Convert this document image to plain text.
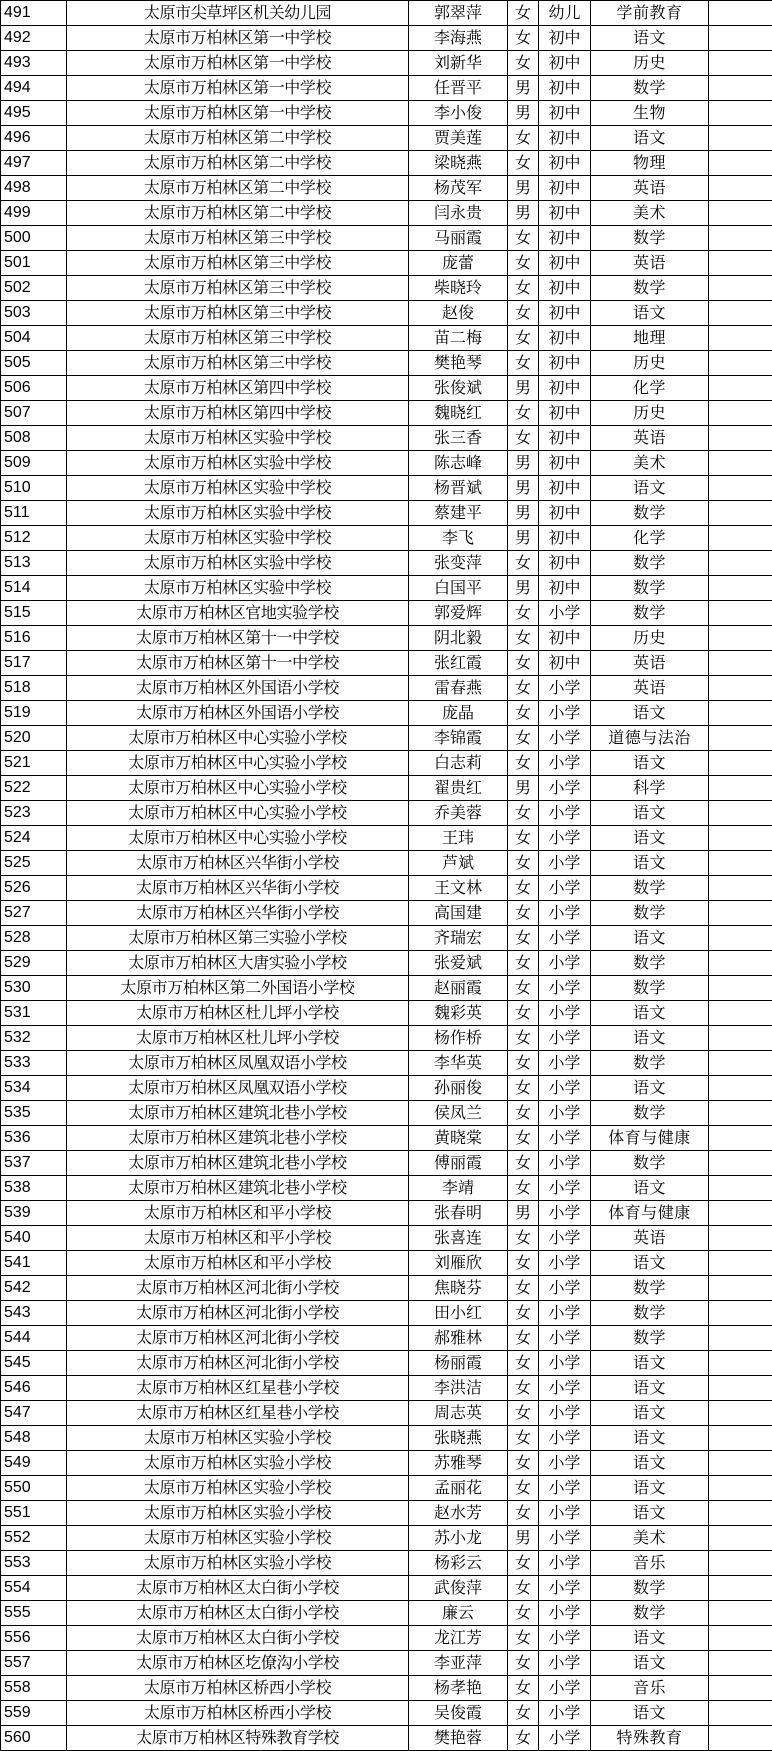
491	太原市尖草坪区机关幼儿园	郭翠萍	女	幼儿	学前教育	
492	太原市万柏林区第一中学校	李海燕	女	初中	语文	
493	太原市万柏林区第一中学校	刘新华	女	初中	历史	
494	太原市万柏林区第一中学校	任晋平	男	初中	数学	
495	太原市万柏林区第一中学校	李小俊	男	初中	生物	
496	太原市万柏林区第二中学校	贾美莲	女	初中	语文	
497	太原市万柏林区第二中学校	梁晓燕	女	初中	物理	
498	太原市万柏林区第二中学校	杨茂军	男	初中	英语	
499	太原市万柏林区第二中学校	闫永贵	男	初中	美术	
500	太原市万柏林区第三中学校	马丽霞	女	初中	数学	
501	太原市万柏林区第三中学校	庞蕾	女	初中	英语	
502	太原市万柏林区第三中学校	柴晓玲	女	初中	数学	
503	太原市万柏林区第三中学校	赵俊	女	初中	语文	
504	太原市万柏林区第三中学校	苗二梅	女	初中	地理	
505	太原市万柏林区第三中学校	樊艳琴	女	初中	历史	
506	太原市万柏林区第四中学校	张俊斌	男	初中	化学	
507	太原市万柏林区第四中学校	魏晓红	女	初中	历史	
508	太原市万柏林区实验中学校	张三香	女	初中	英语	
509	太原市万柏林区实验中学校	陈志峰	男	初中	美术	
510	太原市万柏林区实验中学校	杨晋斌	男	初中	语文	
511	太原市万柏林区实验中学校	蔡建平	男	初中	数学	
512	太原市万柏林区实验中学校	李飞	男	初中	化学	
513	太原市万柏林区实验中学校	张变萍	女	初中	数学	
514	太原市万柏林区实验中学校	白国平	男	初中	数学	
515	太原市万柏林区官地实验学校	郭爱辉	女	小学	数学	
516	太原市万柏林区第十一中学校	阴北毅	女	初中	历史	
517	太原市万柏林区第十一中学校	张红霞	女	初中	英语	
518	太原市万柏林区外国语小学校	雷春燕	女	小学	英语	
519	太原市万柏林区外国语小学校	庞晶	女	小学	语文	
520	太原市万柏林区中心实验小学校	李锦霞	女	小学	道德与法治	
521	太原市万柏林区中心实验小学校	白志莉	女	小学	语文	
522	太原市万柏林区中心实验小学校	翟贵红	男	小学	科学	
523	太原市万柏林区中心实验小学校	乔美蓉	女	小学	语文	
524	太原市万柏林区中心实验小学校	王玮	女	小学	语文	
525	太原市万柏林区兴华街小学校	芦斌	女	小学	语文	
526	太原市万柏林区兴华街小学校	王文林	女	小学	数学	
527	太原市万柏林区兴华街小学校	高国建	女	小学	数学	
528	太原市万柏林区第三实验小学校	齐瑞宏	女	小学	语文	
529	太原市万柏林区大唐实验小学校	张爱斌	女	小学	数学	
530	太原市万柏林区第二外国语小学校	赵丽霞	女	小学	数学	
531	太原市万柏林区杜儿坪小学校	魏彩英	女	小学	语文	
532	太原市万柏林区杜儿坪小学校	杨作桥	女	小学	语文	
533	太原市万柏林区凤凰双语小学校	李华英	女	小学	数学	
534	太原市万柏林区凤凰双语小学校	孙丽俊	女	小学	语文	
535	太原市万柏林区建筑北巷小学校	侯凤兰	女	小学	数学	
536	太原市万柏林区建筑北巷小学校	黄晓棠	女	小学	体育与健康	
537	太原市万柏林区建筑北巷小学校	傅丽霞	女	小学	数学	
538	太原市万柏林区建筑北巷小学校	李靖	女	小学	语文	
539	太原市万柏林区和平小学校	张春明	男	小学	体育与健康	
540	太原市万柏林区和平小学校	张喜连	女	小学	英语	
541	太原市万柏林区和平小学校	刘雁欣	女	小学	语文	
542	太原市万柏林区河北街小学校	焦晓芬	女	小学	数学	
543	太原市万柏林区河北街小学校	田小红	女	小学	数学	
544	太原市万柏林区河北街小学校	郝雅林	女	小学	数学	
545	太原市万柏林区河北街小学校	杨丽霞	女	小学	语文	
546	太原市万柏林区红星巷小学校	李洪洁	女	小学	语文	
547	太原市万柏林区红星巷小学校	周志英	女	小学	语文	
548	太原市万柏林区实验小学校	张晓燕	女	小学	语文	
549	太原市万柏林区实验小学校	苏雅琴	女	小学	语文	
550	太原市万柏林区实验小学校	孟丽花	女	小学	语文	
551	太原市万柏林区实验小学校	赵水芳	女	小学	语文	
552	太原市万柏林区实验小学校	苏小龙	男	小学	美术	
553	太原市万柏林区实验小学校	杨彩云	女	小学	音乐	
554	太原市万柏林区太白街小学校	武俊萍	女	小学	数学	
555	太原市万柏林区太白街小学校	廉云	女	小学	数学	
556	太原市万柏林区太白街小学校	龙江芳	女	小学	语文	
557	太原市万柏林区圪僚沟小学校	李亚萍	女	小学	语文	
558	太原市万柏林区桥西小学校	杨孝艳	女	小学	音乐	
559	太原市万柏林区桥西小学校	吴俊霞	女	小学	语文	
560	太原市万柏林区特殊教育学校	樊艳蓉	女	小学	特殊教育	
